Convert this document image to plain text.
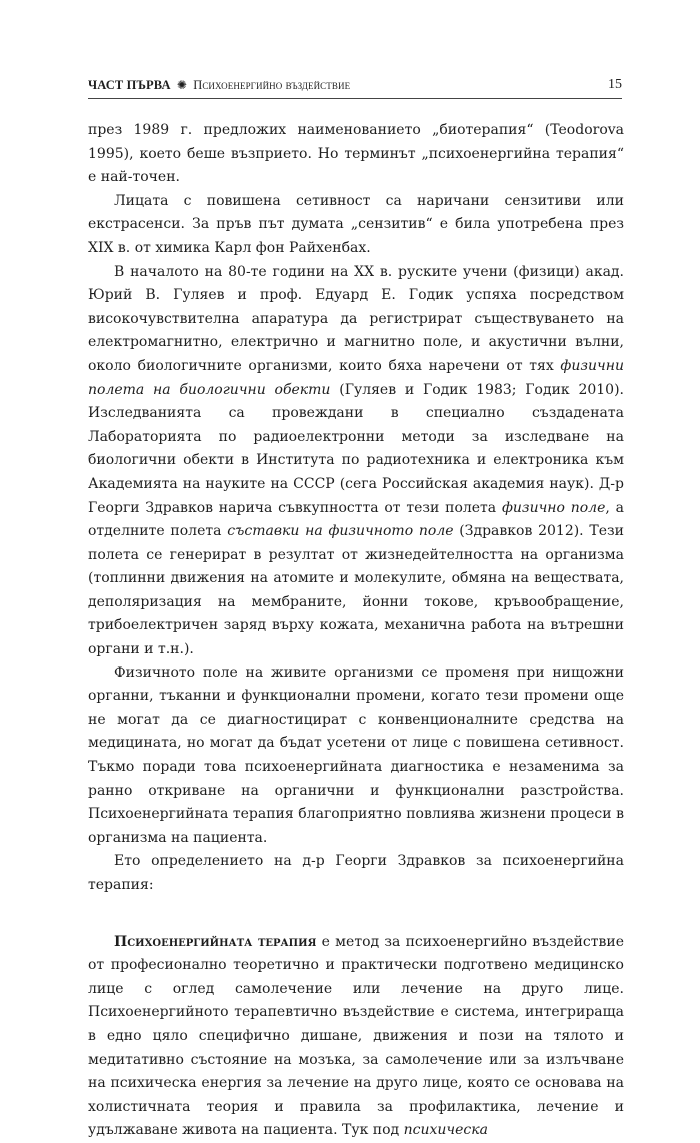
ЧАСТ ПЪРВА ✺ Психоенергийно въздействие	15

през 1989 г. предложих наименованието „биотерапия“ (Teodorova 1995), което беше възприето. Но терминът „психоенергийна терапия“ е най-точен.

Лицата с повишена сетивност са наричани сензитиви или екстрасенси. За пръв път думата „сензитив“ е била употребена през XIX в. от химика Карл фон Райхенбах.

В началото на 80-те години на XX в. руските учени (физици) акад. Юрий В. Гуляев и проф. Едуард Е. Годик успяха посредством високочувствителна апаратура да регистрират съществуването на електромагнитно, електрично и магнитно поле, и акустични вълни, около биологичните организми, които бяха наречени от тях физични полета на биологични обекти (Гуляев и Годик 1983; Годик 2010). Изследванията са провеждани в специално създадената Лабораторията по радиоелектронни методи за изследване на биологични обекти в Института по радиотехника и електроника към Академията на науките на СССР (сега Российская академия наук). Д-р Георги Здравков нарича съвкупността от тези полета физично поле, а отделните полета съставки на физичното поле (Здравков 2012). Тези полета се генерират в резултат от жизнедейтелността на организма (топлинни движения на атомите и молекулите, обмяна на веществата, деполяризация на мембраните, йонни токове, кръвообращение, трибоелектричен заряд върху кожата, механична работа на вътрешни органи и т.н.).

Физичното поле на живите организми се променя при нищожни органни, тъканни и функционални промени, когато тези промени още не могат да се диагностицират с конвенционалните средства на медицината, но могат да бъдат усетени от лице с повишена сетивност. Тъкмо поради това психоенергийната диагностика е незаменима за ранно откриване на органични и функционални разстройства. Психоенергийната терапия благоприятно повлиява жизнени процеси в организма на пациента.

Ето определението на д-р Георги Здравков за психоенергийна терапия:

Психоенергийната терапия е метод за психоенергийно въздействие от професионално теоретично и практически подготвено медицинско лице с оглед самолечение или лечение на друго лице. Психоенергийното терапевтично въздействие е система, интегрираща в едно цяло специфично дишане, движения и пози на тялото и медитативно състояние на мозъка, за самолечение или за излъчване на психическа енергия за лечение на друго лице, която се основава на холистичната теория и правила за профилактика, лечение и удължаване живота на пациента. Тук под психическа
